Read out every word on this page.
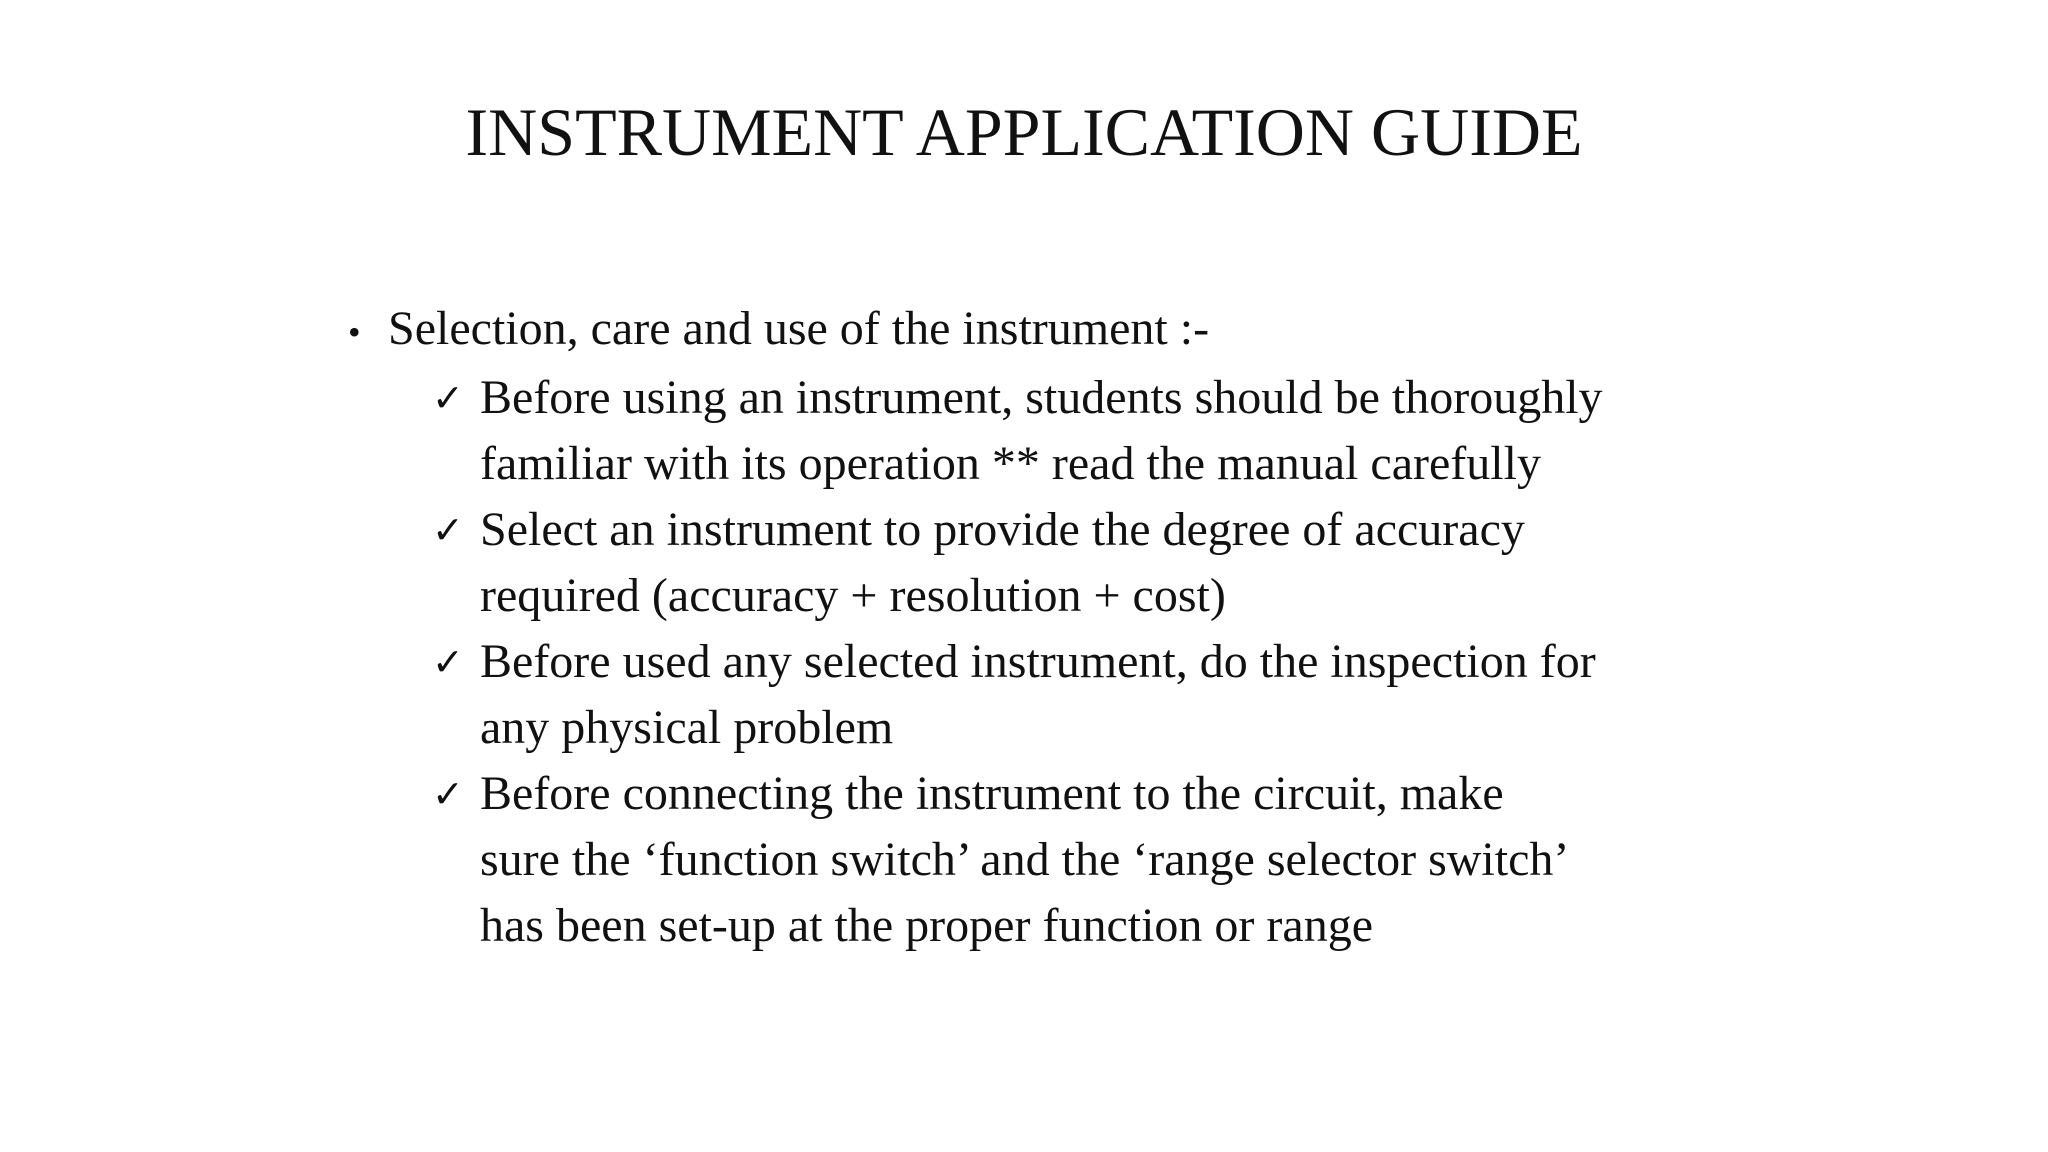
INSTRUMENT APPLICATION GUIDE
• Selection, care and use of the instrument :-
✓ Before using an instrument, students should be thoroughly
familiar with its operation ** read the manual carefully
✓ Select an instrument to provide the degree of accuracy
required (accuracy + resolution + cost)
✓ Before used any selected instrument, do the inspection for
any physical problem
✓ Before connecting the instrument to the circuit, make
sure the ‘function switch’ and the ‘range selector switch’
has been set-up at the proper function or range
